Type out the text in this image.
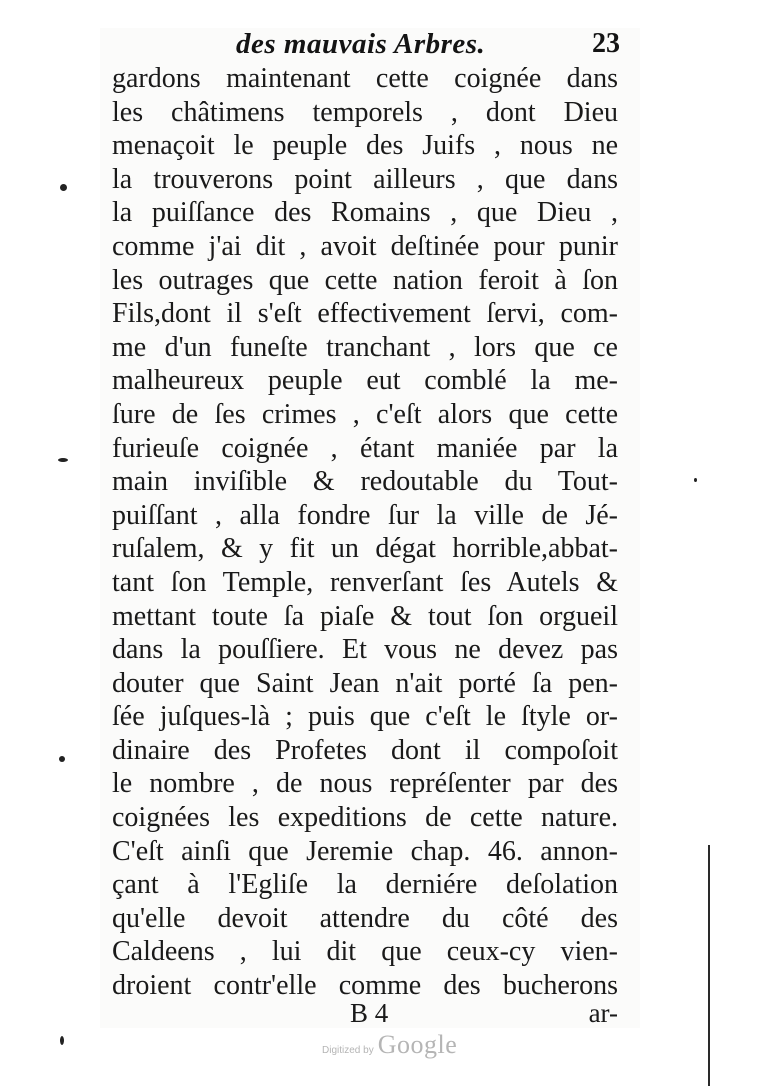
des mauvais Arbres.	23
gardons maintenant cette coignée dans
les châtimens temporels , dont Dieu
menaçoit le peuple des Juifs , nous ne
la trouverons point ailleurs , que dans
la puiſſance des Romains , que Dieu ,
comme j'ai dit , avoit deſtinée pour punir
les outrages que cette nation feroit à ſon
Fils,dont il s'eſt effectivement ſervi, com-
me d'un funeſte tranchant , lors que ce
malheureux peuple eut comblé la me-
ſure de ſes crimes , c'eſt alors que cette
furieuſe coignée , étant maniée par la
main inviſible & redoutable du Tout-
puiſſant , alla fondre ſur la ville de Jé-
ruſalem, & y fit un dégat horrible,abbat-
tant ſon Temple, renverſant ſes Autels &
mettant toute ſa piaſe & tout ſon orgueil
dans la pouſſiere. Et vous ne devez pas
douter que Saint Jean n'ait porté ſa pen-
ſée juſques-là ; puis que c'eſt le ſtyle or-
dinaire des Profetes dont il compoſoit
le nombre , de nous repréſenter par des
coignées les expeditions de cette nature.
C'eſt ainſi que Jeremie chap. 46. annon-
çant à l'Egliſe la derniére deſolation
qu'elle devoit attendre du côté des
Caldeens , lui dit que ceux-cy vien-
droient contr'elle comme des bucherons
B 4	ar-
Digitized by Google
